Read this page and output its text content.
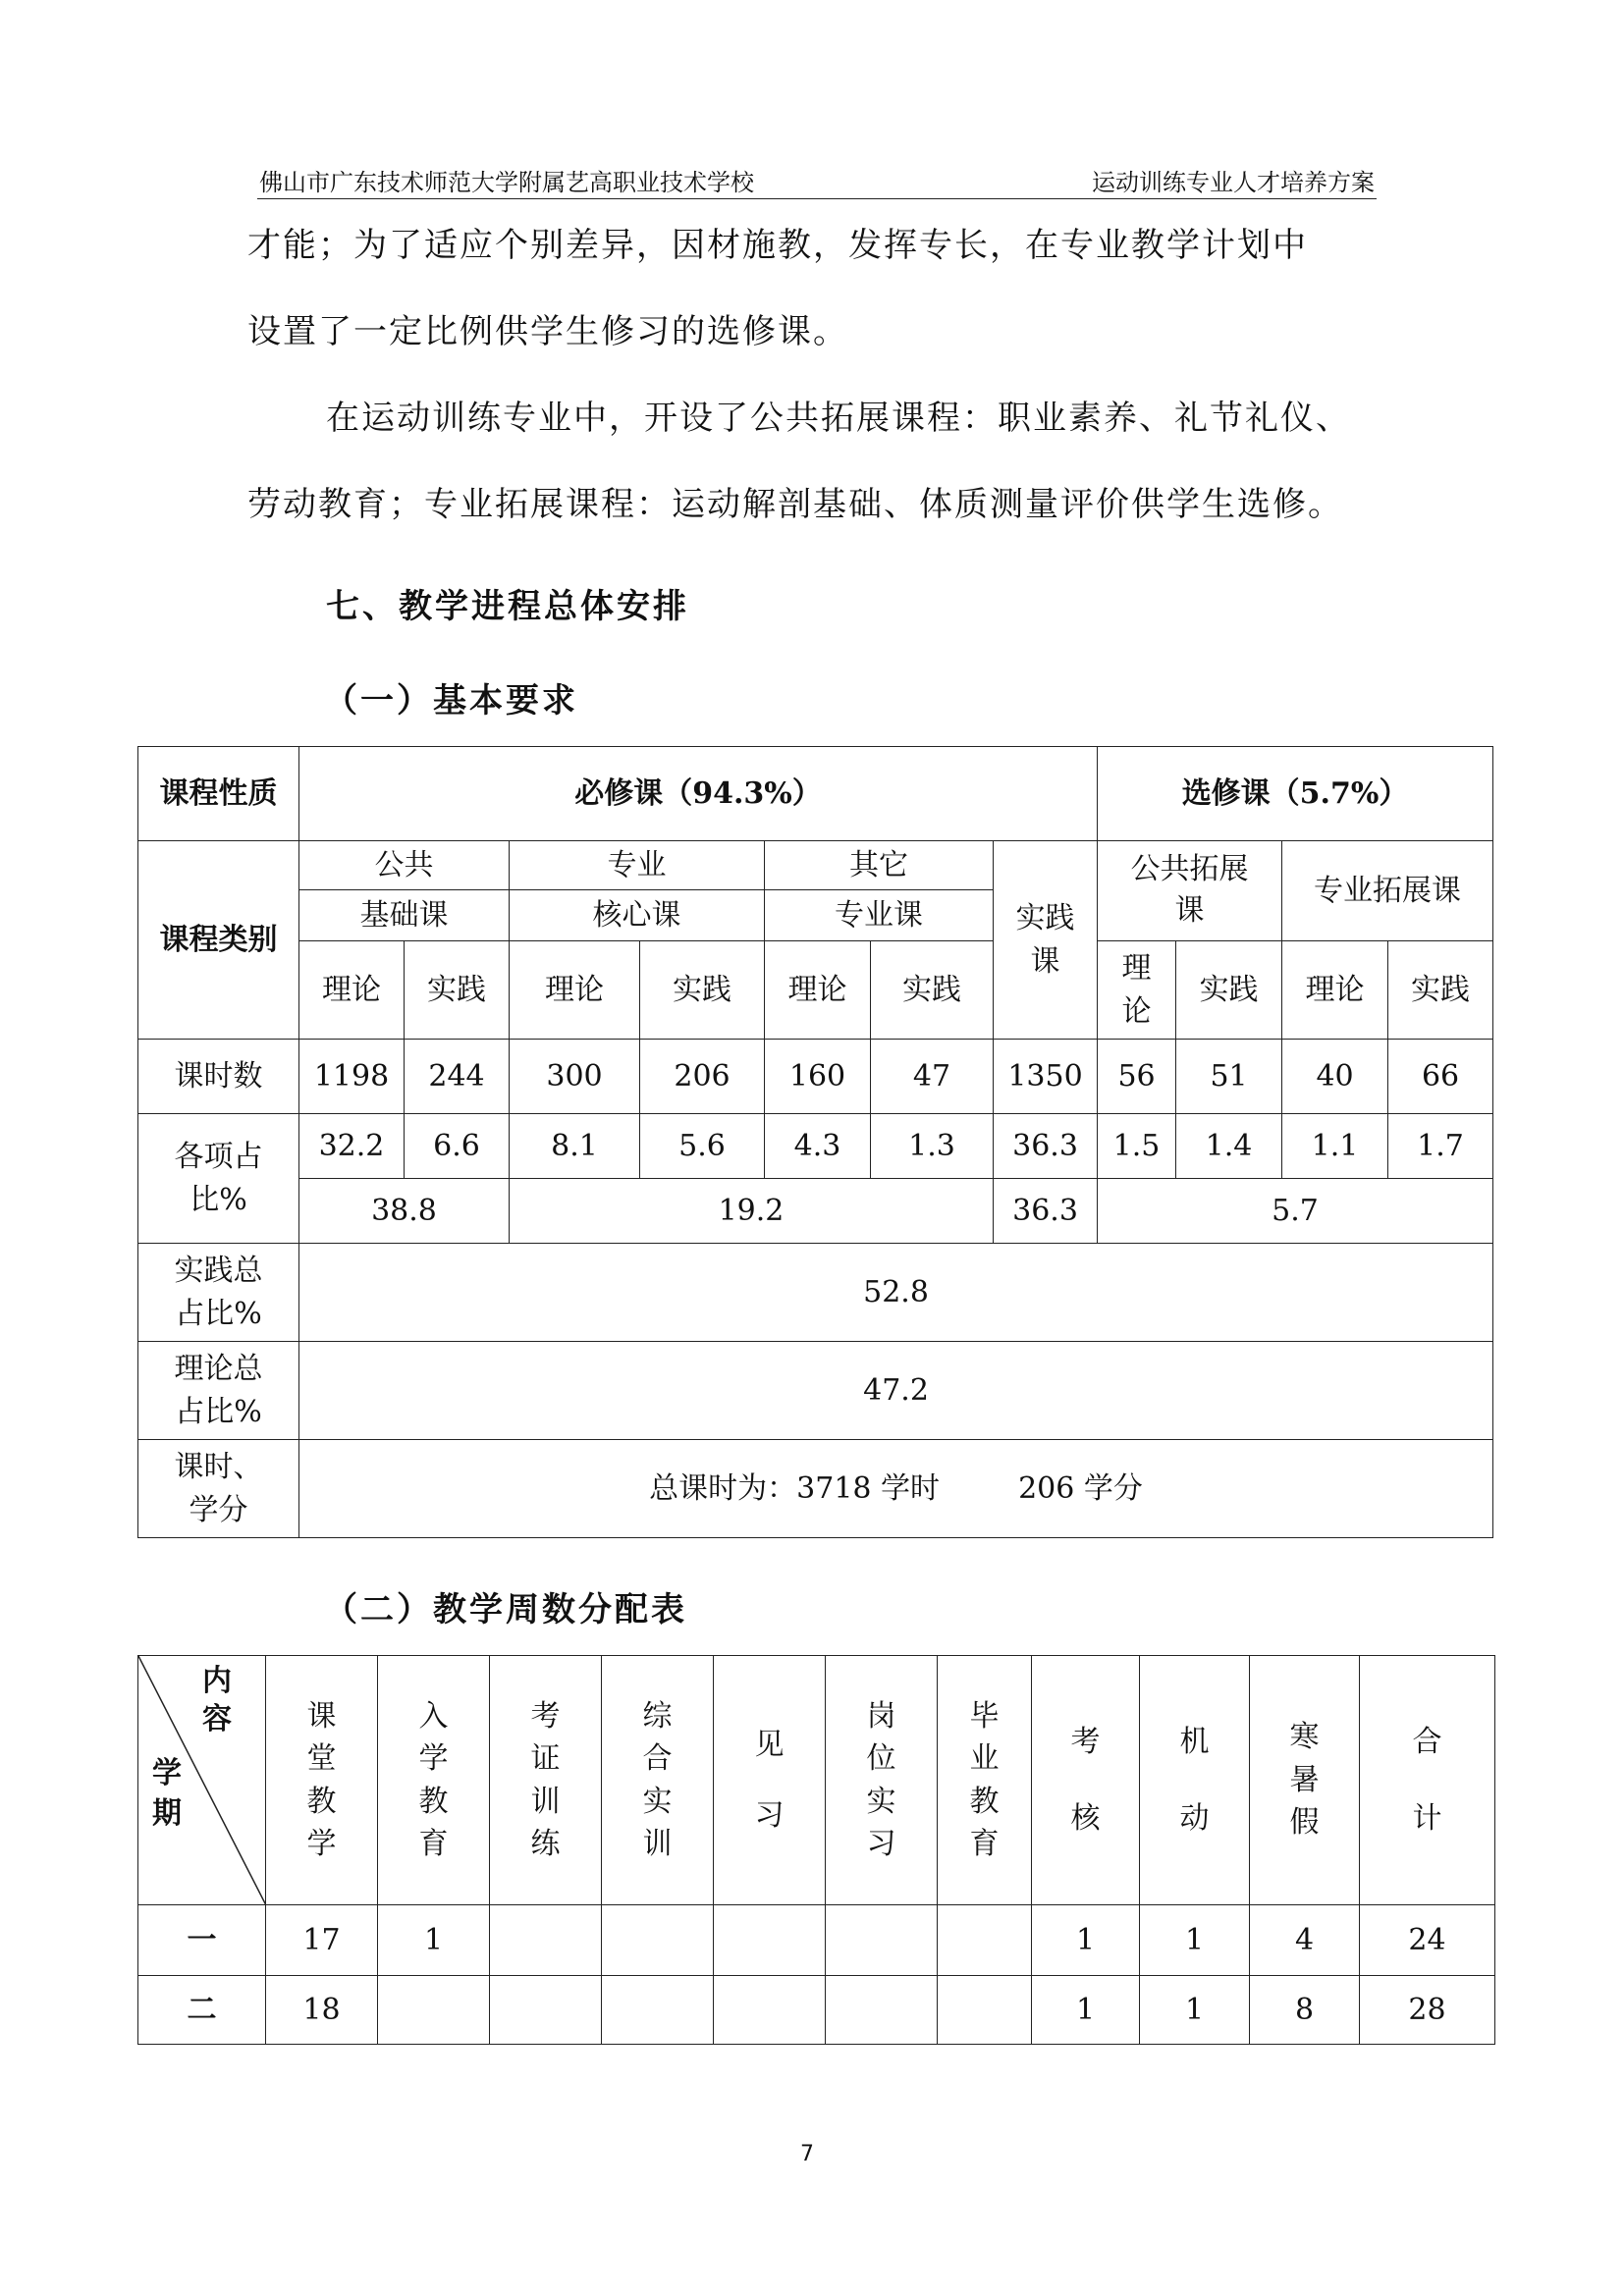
佛山市广东技术师范大学附属艺高职业技术学校	运动训练专业人才培养方案
才能；为了适应个别差异，因材施教，发挥专长，在专业教学计划中
设置了一定比例供学生修习的选修课。
在运动训练专业中，开设了公共拓展课程：职业素养、礼节礼仪、
劳动教育；专业拓展课程：运动解剖基础、体质测量评价供学生选修。
七、教学进程总体安排
（一）基本要求
课程性质	必修课（94.3%）							选修课（5.7%）			
课程类别	公共		专业		其它		实践课	公共拓展课		专业拓展课	
	基础课		核心课		专业课						
	理论	实践	理论	实践	理论	实践		理论	实践	理论	实践
课时数	1198	244	300	206	160	47	1350	56	51	40	66
各项占比%	32.2	6.6	8.1	5.6	4.3	1.3	36.3	1.5	1.4	1.1	1.7
	38.8		19.2				36.3	5.7			
实践总占比%	52.8										
理论总占比%	47.2										
课时、学分	总课时为：3718 学时 206 学分										
（二）教学周数分配表
内容
学期	课堂教学	入学教育	考证训练	综合实训	见习	岗位实习	毕业教育	考核	机动	寒暑假	合计
一	17	1						1	1	4	24
二	18							1	1	8	28
7
